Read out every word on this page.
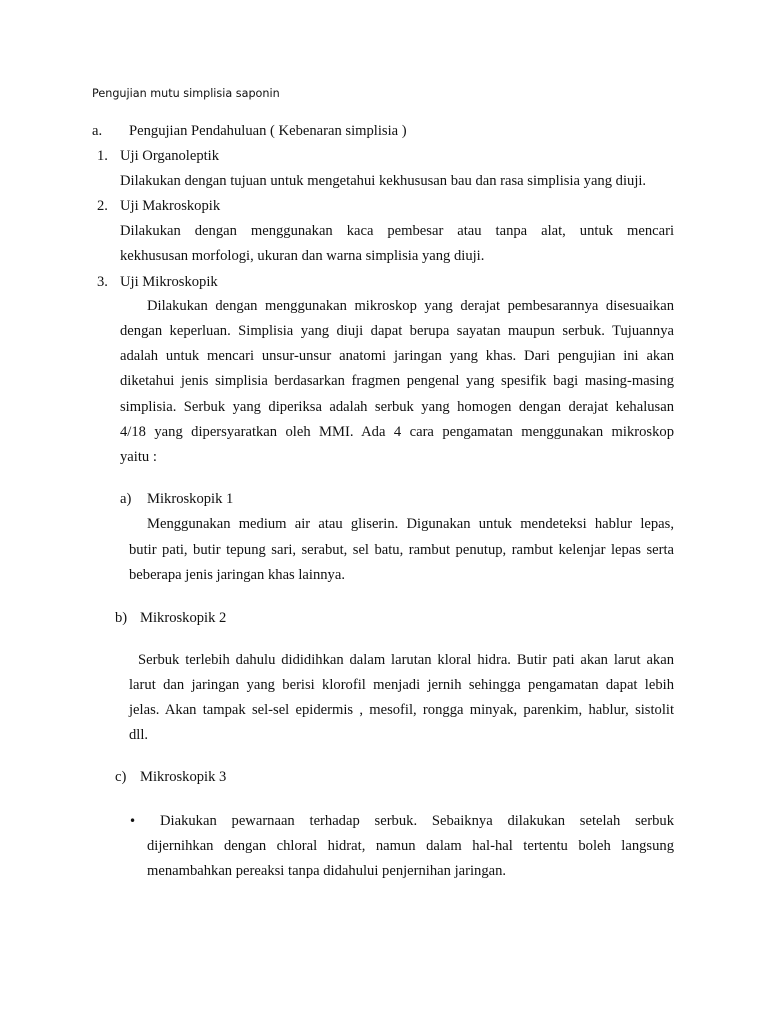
Pengujian mutu simplisia saponin
a. Pengujian Pendahuluan ( Kebenaran simplisia )
1. Uji Organoleptik
Dilakukan dengan tujuan untuk mengetahui kekhususan bau dan rasa simplisia yang diuji.
2. Uji Makroskopik
Dilakukan dengan menggunakan kaca pembesar atau tanpa alat, untuk mencari
kekhususan morfologi, ukuran dan warna simplisia yang diuji.
3. Uji Mikroskopik
Dilakukan dengan menggunakan mikroskop yang derajat pembesarannya disesuaikan
dengan keperluan. Simplisia yang diuji dapat berupa sayatan maupun serbuk. Tujuannya
adalah untuk mencari unsur-unsur anatomi jaringan yang khas. Dari pengujian ini akan
diketahui jenis simplisia berdasarkan fragmen pengenal yang spesifik bagi masing-masing
simplisia. Serbuk yang diperiksa adalah serbuk yang homogen dengan derajat kehalusan
4/18 yang dipersyaratkan oleh MMI. Ada 4 cara pengamatan menggunakan mikroskop
yaitu :
a) Mikroskopik 1
Menggunakan medium air atau gliserin. Digunakan untuk mendeteksi hablur lepas,
butir pati, butir tepung sari, serabut, sel batu, rambut penutup, rambut kelenjar lepas serta
beberapa jenis jaringan khas lainnya.
b) Mikroskopik 2
Serbuk terlebih dahulu dididihkan dalam larutan kloral hidra. Butir pati akan larut akan
larut dan jaringan yang berisi klorofil menjadi jernih sehingga pengamatan dapat lebih
jelas. Akan tampak sel-sel epidermis , mesofil, rongga minyak, parenkim, hablur, sistolit
dll.
c) Mikroskopik 3
• Diakukan pewarnaan terhadap serbuk. Sebaiknya dilakukan setelah serbuk
dijernihkan dengan chloral hidrat, namun dalam hal-hal tertentu boleh langsung
menambahkan pereaksi tanpa didahului penjernihan jaringan.
